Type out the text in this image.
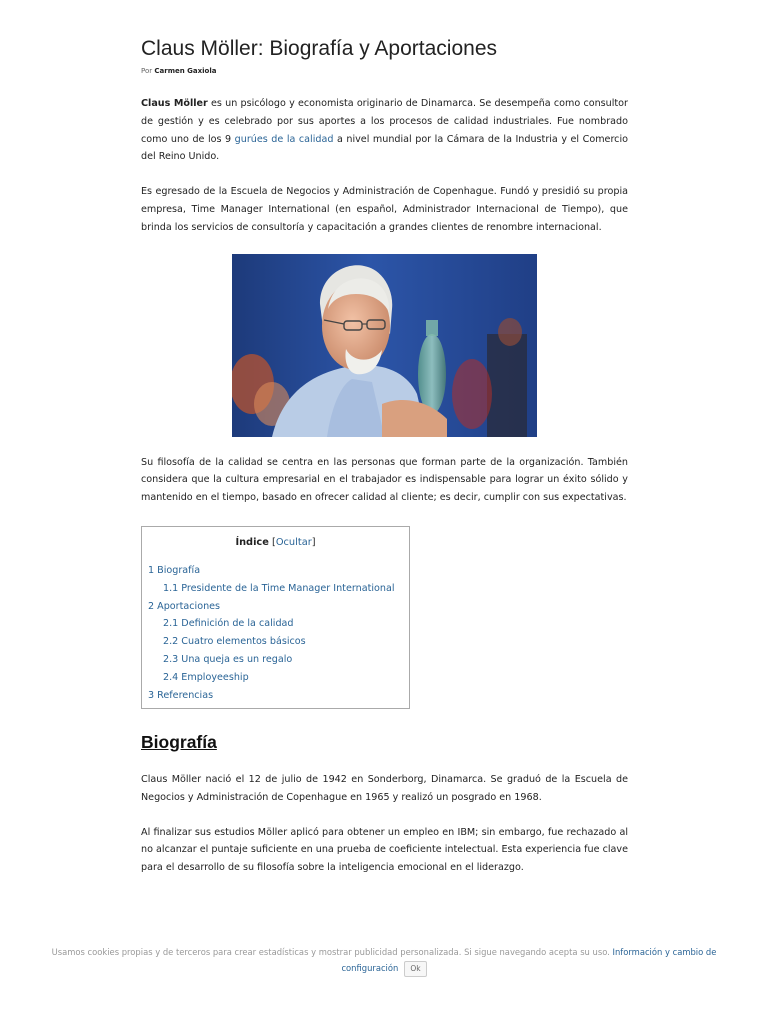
Claus Möller: Biografía y Aportaciones
Por Carmen Gaxiola

Claus Möller es un psicólogo y economista originario de Dinamarca. Se desempeña como consultor de gestión y es celebrado por sus aportes a los procesos de calidad industriales. Fue nombrado como uno de los 9 gurúes de la calidad a nivel mundial por la Cámara de la Industria y el Comercio del Reino Unido.

Es egresado de la Escuela de Negocios y Administración de Copenhague. Fundó y presidió su propia empresa, Time Manager International (en español, Administrador Internacional de Tiempo), que brinda los servicios de consultoría y capacitación a grandes clientes de renombre internacional.

Su filosofía de la calidad se centra en las personas que forman parte de la organización. También considera que la cultura empresarial en el trabajador es indispensable para lograr un éxito sólido y mantenido en el tiempo, basado en ofrecer calidad al cliente; es decir, cumplir con sus expectativas.

Índice [Ocultar]
1 Biografía
1.1 Presidente de la Time Manager International
2 Aportaciones
2.1 Definición de la calidad
2.2 Cuatro elementos básicos
2.3 Una queja es un regalo
2.4 Employeeship
3 Referencias
Biografía

Claus Möller nació el 12 de julio de 1942 en Sonderborg, Dinamarca. Se graduó de la Escuela de Negocios y Administración de Copenhague en 1965 y realizó un posgrado en 1968.

Al finalizar sus estudios Möller aplicó para obtener un empleo en IBM; sin embargo, fue rechazado al no alcanzar el puntaje suficiente en una prueba de coeficiente intelectual. Esta experiencia fue clave para el desarrollo de su filosofía sobre la inteligencia emocional en el liderazgo.

Usamos cookies propias y de terceros para crear estadísticas y mostrar publicidad personalizada. Si sigue navegando acepta su uso. Información y cambio de
configuración Ok
